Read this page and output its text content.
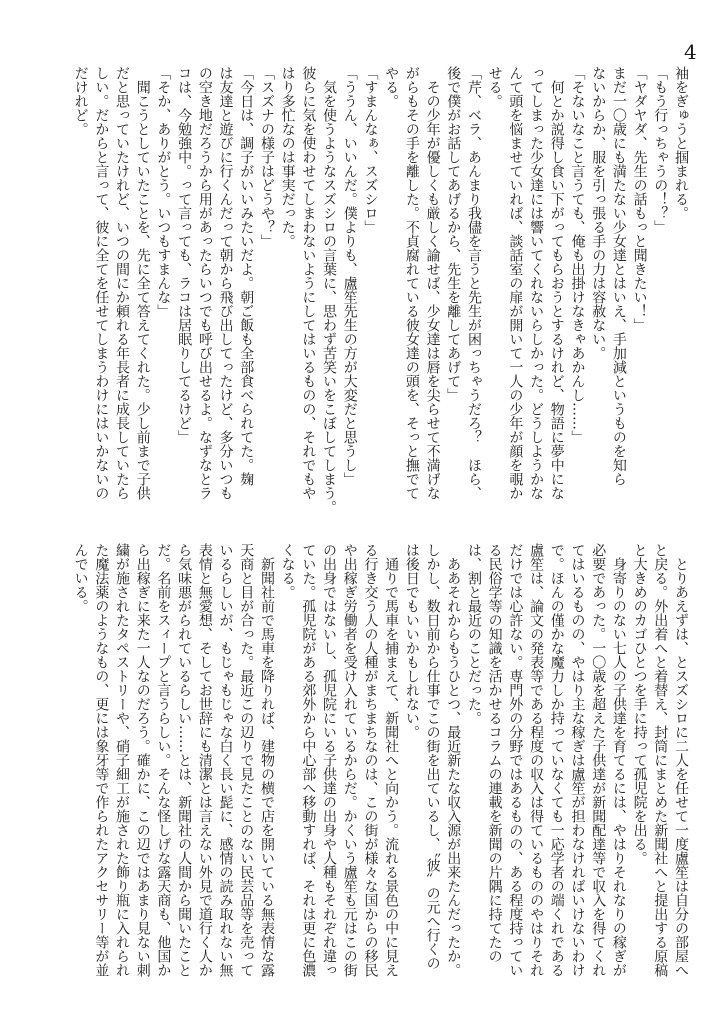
4
袖をぎゅうと掴まれる。
「もう行っちゃうの！？」
「ヤダヤダ、先生の話もっと聞きたい！」
まだ一〇歳にも満たない少女達とはいえ、手加減というものを知ら
ないからか、服を引っ張る手の力は容赦ない。
「そないなこと言うても、俺も出掛けなきゃあかんし……」
　何とか説得し食い下がってもらおうとするけれど、物語に夢中にな
ってしまった少女達には響いてくれないらしかった。どうしようかな
んて頭を悩ませていれば、談話室の扉が開いて一人の少年が顔を覗か
せる。
「芹、ベラ、あんまり我儘を言うと先生が困っちゃうだろ？　ほら、
後で僕がお話してあげるから、先生を離してあげて」
　その少年が優しくも厳しく諭せば、少女達は唇を尖らせて不満げな
がらもその手を離した。不貞腐れている彼女達の頭を、そっと撫でて
やる。
「すまんなぁ、スズシロ」
「ううん、いいんだ。僕よりも、盧笙先生の方が大変だと思うし」
　気を使うようなスズシロの言葉に、思わず苦笑いをこぼしてしまう。
彼らに気を使わせてしまわないようにしてはいるものの、それでもや
はり多忙なのは事実だった。
「スズナの様子はどうや？」
「今日は、調子がいいみたいだよ。朝ご飯も全部食べられてた。麹
は友達と遊びに行くんだって朝から飛び出してったけど、多分いつも
の空き地だろうから用があったらいつでも呼び出せるよ。なずなとラ
コは、今勉強中。って言っても、ラコは居眠りしてるけど」
「そか、ありがとう。いつもすまんな」
　聞こうとしていたことを、先に全て答えてくれた。少し前まで子供
だと思っていたけれど、いつの間にか頼れる年長者に成長していたら
しい。だからと言って、彼に全てを任せてしまうわけにはいかないの
だけれど。
　とりあえずは、とスズシロに二人を任せて一度盧笙は自分の部屋へ
と戻る。外出着へと着替え、封筒にまとめた新聞社へと提出する原稿
と大きめのカゴひとつを手に持って孤児院を出る。
　身寄りのない七人の子供達を育てるには、やはりそれなりの稼ぎが
必要であった。一〇歳を超えた子供達が新聞配達等で収入を得てくれ
てはいるものの、やはり主な稼ぎは盧笙が担わなければいけないわけ
で。ほんの僅かな魔力しか持っていなくても一応学者の端くれである
盧笙は、論文の発表等である程度の収入は得ているもののやはりそれ
だけでは心許ない。専門外の分野ではあるものの、ある程度持ってい
る民俗学等の知識を活かせるコラムの連載を新聞の片隅に持てたの
は、割と最近のことだった。
　ああそれからもうひとつ、最近新たな収入源が出来たんだったか。
しかし、数日前から仕事でこの街を出ているし、〝彼〟の元へ行くの
は後日でもいいかもしれない。
　通りで馬車を捕まえて、新聞社へと向かう。流れる景色の中に見え
る行き交う人の人種がまちまちなのは、この街が様々な国からの移民
や出稼ぎ労働者を受け入れているからだ。かくいう盧笙も元はこの街
の出身ではないし、孤児院にいる子供達の出身や人種もそれぞれ違っ
ていた。孤児院がある郊外から中心部へ移動すれば、それは更に色濃
くなる。
　新聞社前で馬車を降りれば、建物の横で店を開いている無表情な露
天商と目が合った。最近この辺りで見たことのない民芸品等を売って
いるらしいが、もじゃもじゃな白く長い髭に、感情の読み取れない無
表情と無愛想、そしてお世辞にも清潔とは言えない外見で道行く人か
ら気味悪がられているらしい……とは、新聞社の人間から聞いたこと
だ。名前をスィープと言うらしい。そんな怪しげな露天商も、他国か
ら出稼ぎに来た一人なのだろう。確かに、この辺ではあまり見ない刺
繍が施されたタペストリーや、硝子細工が施された飾り瓶に入れられ
た魔法薬のようなもの、更には象牙等で作られたアクセサリー等が並
んでいる。
